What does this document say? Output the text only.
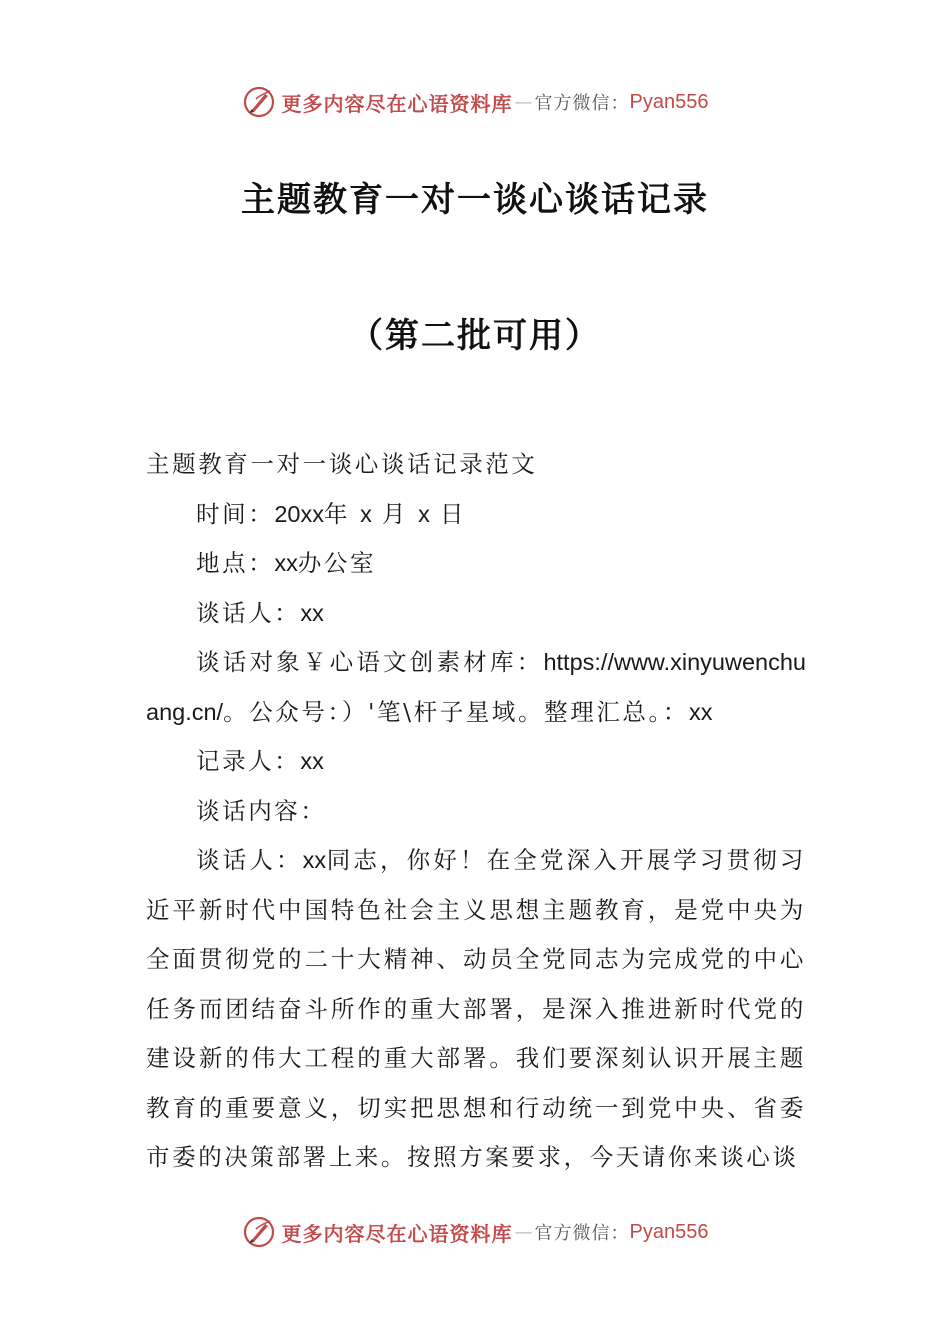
更多内容尽在心语资料库 — 官方微信： Pyan556
主题教育一对一谈心谈话记录
（第二批可用）

主题教育一对一谈心谈话记录范文

时间：20xx年 x 月 x 日

地点：xx办公室

谈话人：xx

谈话对象￥心语文创素材库：https://www.xinyuwenchuang.cn/。公众号：）'笔\杆子星域。整理汇总。：xx

记录人：xx

谈话内容：

谈话人：xx同志，你好！在全党深入开展学习贯彻习近平新时代中国特色社会主义思想主题教育，是党中央为全面贯彻党的二十大精神、动员全党同志为完成党的中心任务而团结奋斗所作的重大部署，是深入推进新时代党的建设新的伟大工程的重大部署。我们要深刻认识开展主题教育的重要意义，切实把思想和行动统一到党中央、省委市委的决策部署上来。按照方案要求，今天请你来谈心谈

更多内容尽在心语资料库 — 官方微信： Pyan556
